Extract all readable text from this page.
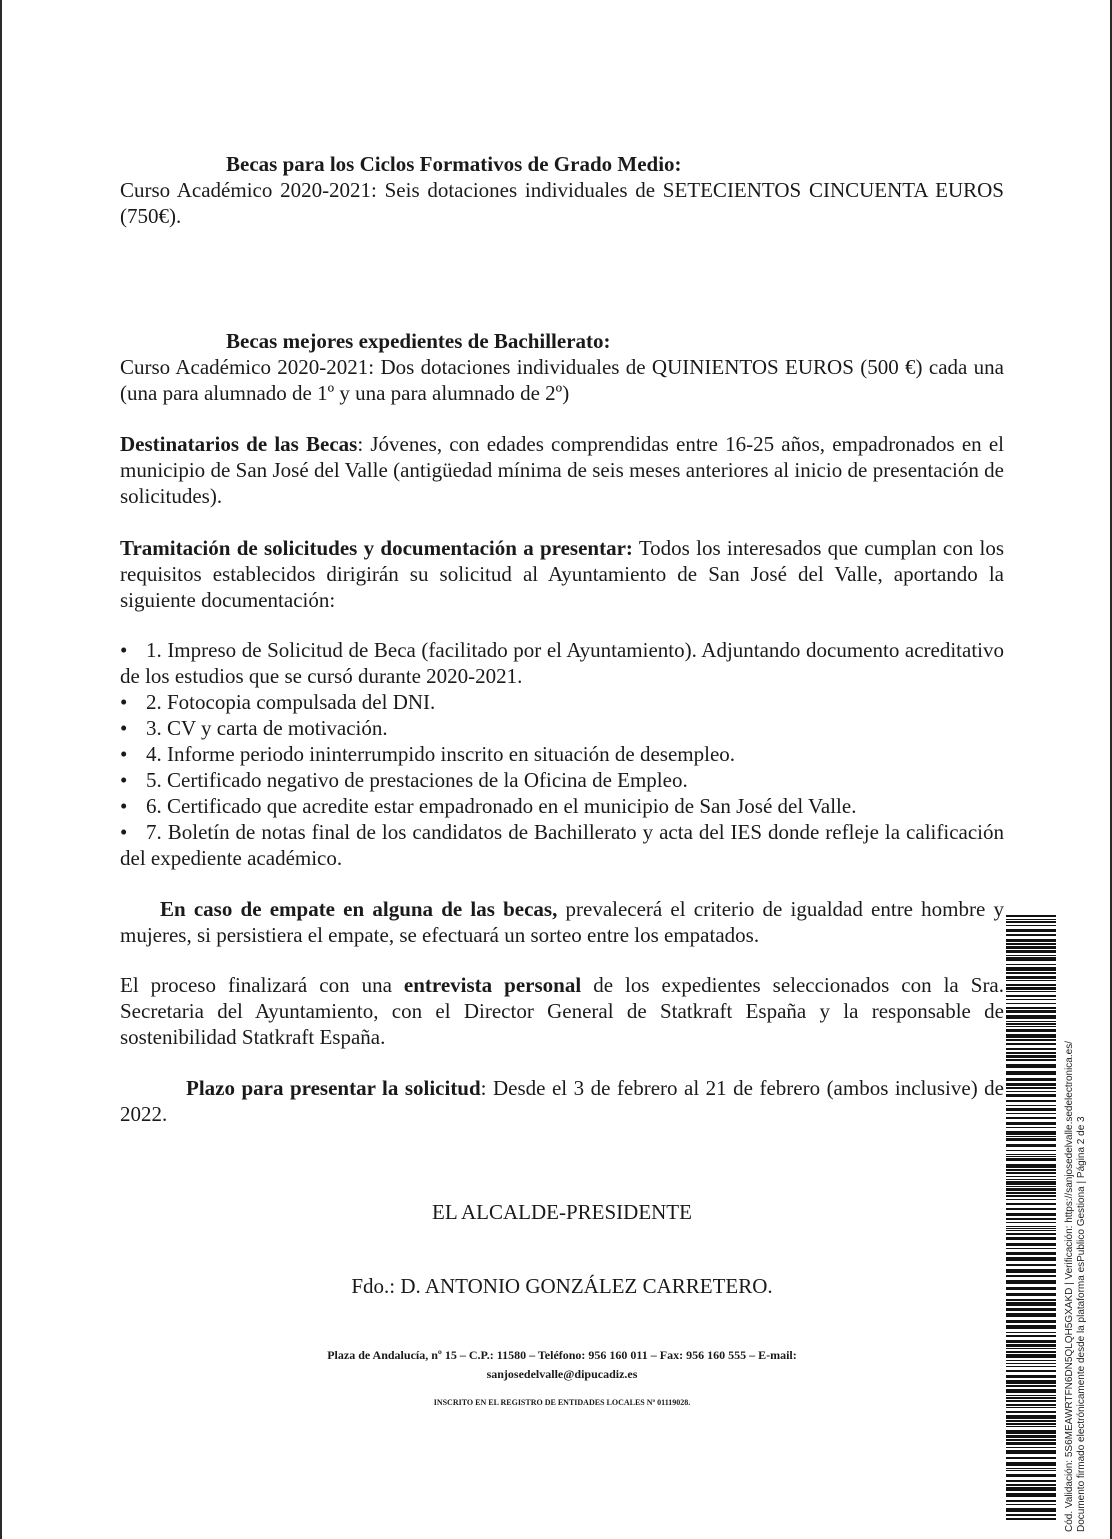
Becas para los Ciclos Formativos de Grado Medio:
Curso Académico 2020-2021: Seis dotaciones individuales de SETECIENTOS CINCUENTA EUROS (750€).
Becas mejores expedientes de Bachillerato:
Curso Académico 2020-2021: Dos dotaciones individuales de QUINIENTOS EUROS (500 €) cada una (una para alumnado de 1º y una para alumnado de 2º)
Destinatarios de las Becas: Jóvenes, con edades comprendidas entre 16-25 años, empadronados en el municipio de San José del Valle (antigüedad mínima de seis meses anteriores al inicio de presentación de solicitudes).
Tramitación de solicitudes y documentación a presentar: Todos los interesados que cumplan con los requisitos establecidos dirigirán su solicitud al Ayuntamiento de San José del Valle, aportando la siguiente documentación:
• 1. Impreso de Solicitud de Beca (facilitado por el Ayuntamiento). Adjuntando documento acreditativo de los estudios que se cursó durante 2020-2021.
• 2. Fotocopia compulsada del DNI.
• 3. CV y carta de motivación.
• 4. Informe periodo ininterrumpido inscrito en situación de desempleo.
• 5. Certificado negativo de prestaciones de la Oficina de Empleo.
• 6. Certificado que acredite estar empadronado en el municipio de San José del Valle.
• 7. Boletín de notas final de los candidatos de Bachillerato y acta del IES donde refleje la calificación del expediente académico.
En caso de empate en alguna de las becas, prevalecerá el criterio de igualdad entre hombre y mujeres, si persistiera el empate, se efectuará un sorteo entre los empatados.
El proceso finalizará con una entrevista personal de los expedientes seleccionados con la Sra. Secretaria del Ayuntamiento, con el Director General de Statkraft España y la responsable de sostenibilidad Statkraft España.
Plazo para presentar la solicitud: Desde el 3 de febrero al 21 de febrero (ambos inclusive) de 2022.
EL ALCALDE-PRESIDENTE
Fdo.: D. ANTONIO GONZÁLEZ CARRETERO.
Plaza de Andalucía, nº 15 – C.P.: 11580 – Teléfono: 956 160 011 – Fax: 956 160 555 – E-mail:
sanjosedelvalle@dipucadiz.es
INSCRITO EN EL REGISTRO DE ENTIDADES LOCALES Nº 01119028.	Cód. Validación: 5S6MEAWRTFN6DN5QLQH5GXAKD | Verificación: https://sanjosedelvalle.sedelectronica.es/ Documento firmado electrónicamente desde la plataforma esPublico Gestiona | Página 2 de 3
